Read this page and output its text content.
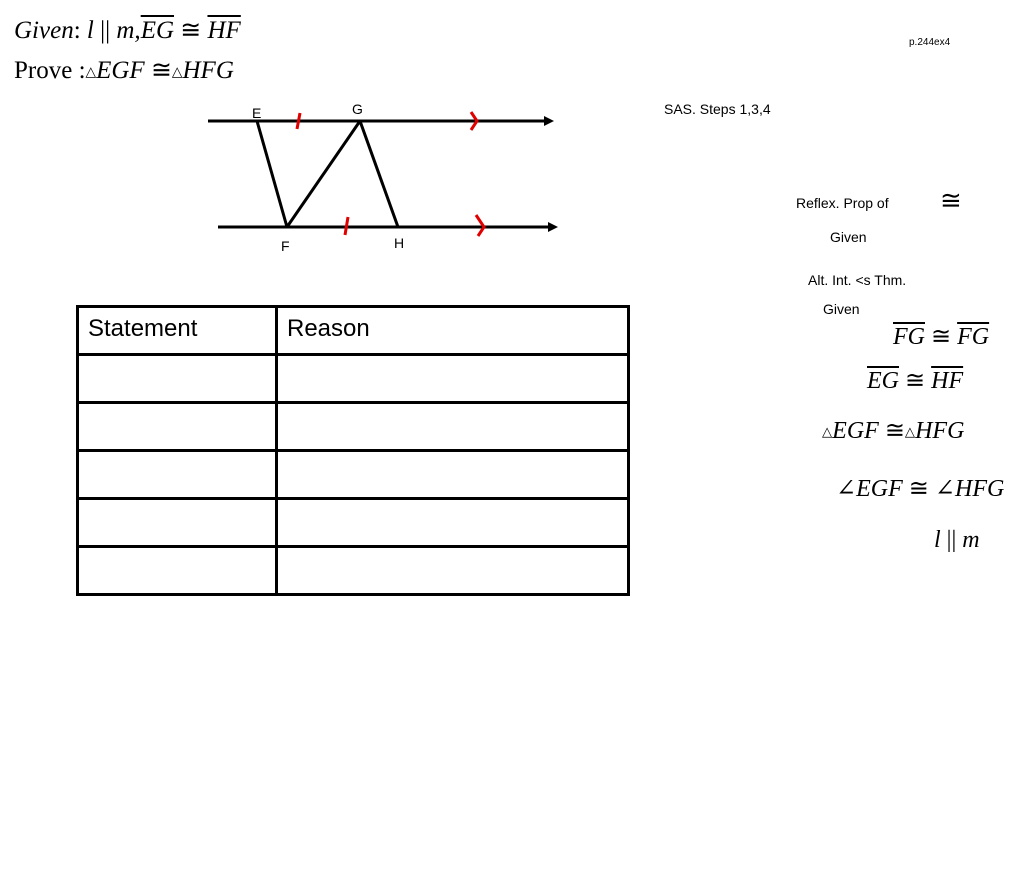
Given: l || $m,\overline{EG}$ ≅ $\overline{HF}$
Prove :△EGF ≅△HFG
p.244ex4
SAS. Steps 1,3,4
E	G
F	H
Statement	Reason

Reflex. Prop of ≅
Given
Alt. Int. <s Thm.
Given
$\overline{FG}$ ≅ $\overline{FG}$
$\overline{EG}$ ≅ $\overline{HF}$
△EGF ≅△HFG
∠EGF ≅ ∠HFG
l || m
